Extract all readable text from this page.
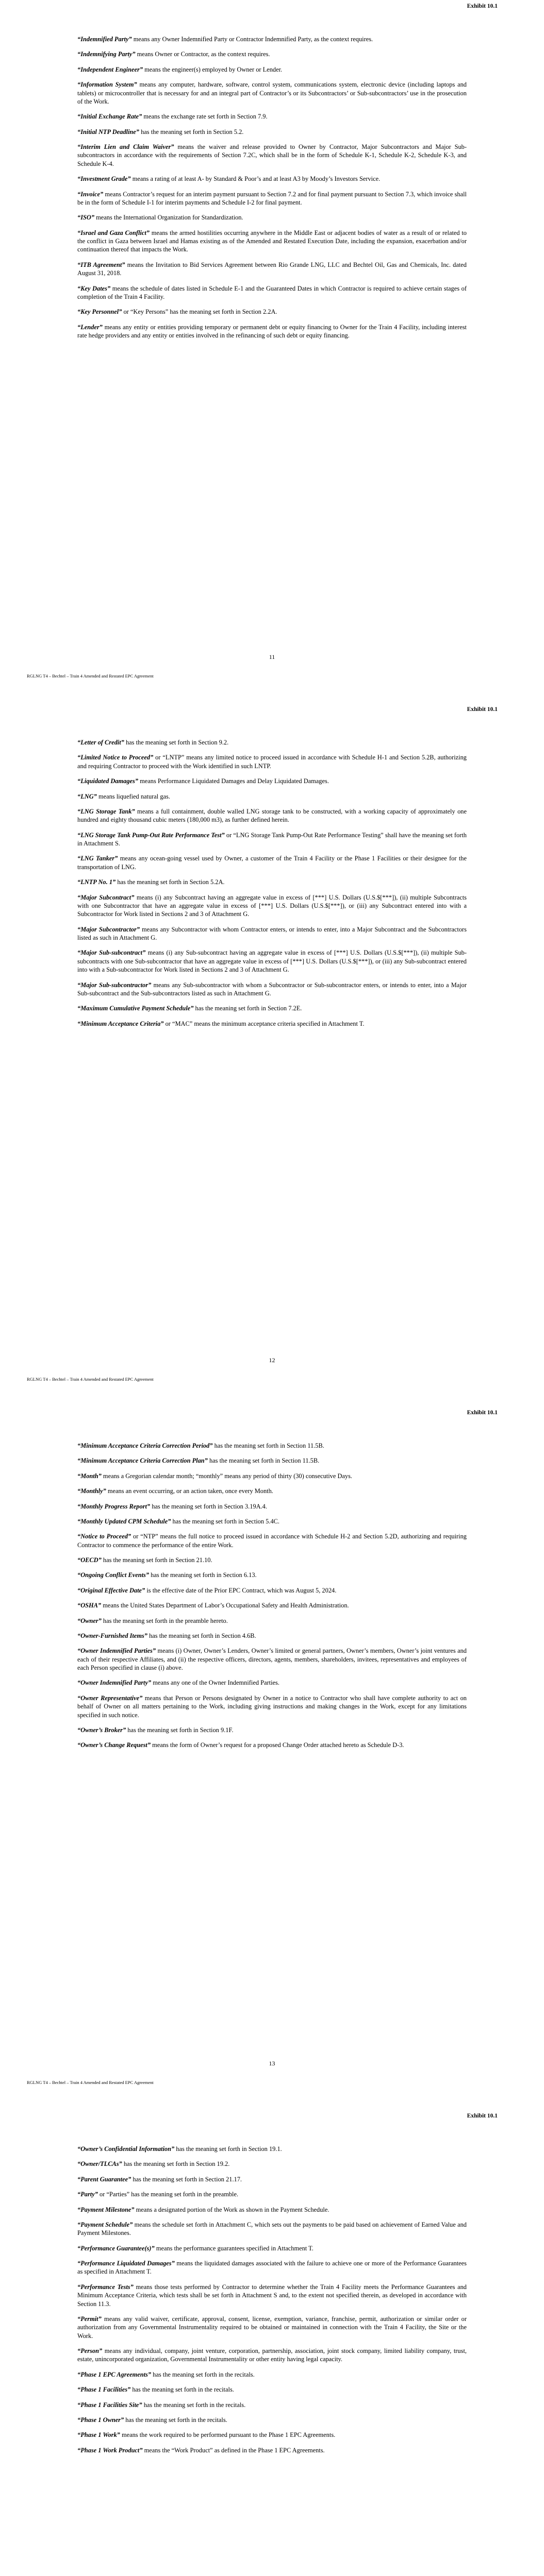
Exhibit 10.1

“Indemnified Party” means any Owner Indemnified Party or Contractor Indemnified Party, as the context requires.

“Indemnifying Party” means Owner or Contractor, as the context requires.

“Independent Engineer” means the engineer(s) employed by Owner or Lender.

“Information System” means any computer, hardware, software, control system, communications system, electronic device (including laptops and tablets) or microcontroller that is necessary for and an integral part of Contractor’s or its Subcontractors’ or Sub-subcontractors’ use in the prosecution of the Work.

“Initial Exchange Rate” means the exchange rate set forth in Section 7.9.

“Initial NTP Deadline” has the meaning set forth in Section 5.2.

“Interim Lien and Claim Waiver” means the waiver and release provided to Owner by Contractor, Major Subcontractors and Major Sub-subcontractors in accordance with the requirements of Section 7.2C, which shall be in the form of Schedule K-1, Schedule K-2, Schedule K-3, and Schedule K-4.

“Investment Grade” means a rating of at least A- by Standard & Poor’s and at least A3 by Moody’s Investors Service.

“Invoice” means Contractor’s request for an interim payment pursuant to Section 7.2 and for final payment pursuant to Section 7.3, which invoice shall be in the form of Schedule I-1 for interim payments and Schedule I-2 for final payment.

“ISO” means the International Organization for Standardization.

“Israel and Gaza Conflict” means the armed hostilities occurring anywhere in the Middle East or adjacent bodies of water as a result of or related to the conflict in Gaza between Israel and Hamas existing as of the Amended and Restated Execution Date, including the expansion, exacerbation and/or continuation thereof that impacts the Work.

“ITB Agreement” means the Invitation to Bid Services Agreement between Rio Grande LNG, LLC and Bechtel Oil, Gas and Chemicals, Inc. dated August 31, 2018.

“Key Dates” means the schedule of dates listed in Schedule E-1 and the Guaranteed Dates in which Contractor is required to achieve certain stages of completion of the Train 4 Facility.

“Key Personnel” or “Key Persons” has the meaning set forth in Section 2.2A.

“Lender” means any entity or entities providing temporary or permanent debt or equity financing to Owner for the Train 4 Facility, including interest rate hedge providers and any entity or entities involved in the refinancing of such debt or equity financing.

11
RGLNG T4 – Bechtel – Train 4 Amended and Restated EPC Agreement
Exhibit 10.1

“Letter of Credit” has the meaning set forth in Section 9.2.

“Limited Notice to Proceed” or “LNTP” means any limited notice to proceed issued in accordance with Schedule H-1 and Section 5.2B, authorizing and requiring Contractor to proceed with the Work identified in such LNTP.

“Liquidated Damages” means Performance Liquidated Damages and Delay Liquidated Damages.

“LNG” means liquefied natural gas.

“LNG Storage Tank” means a full containment, double walled LNG storage tank to be constructed, with a working capacity of approximately one hundred and eighty thousand cubic meters (180,000 m3), as further defined herein.

“LNG Storage Tank Pump-Out Rate Performance Test” or “LNG Storage Tank Pump-Out Rate Performance Testing” shall have the meaning set forth in Attachment S.

“LNG Tanker” means any ocean-going vessel used by Owner, a customer of the Train 4 Facility or the Phase 1 Facilities or their designee for the transportation of LNG.

“LNTP No. 1” has the meaning set forth in Section 5.2A.

“Major Subcontract” means (i) any Subcontract having an aggregate value in excess of [***] U.S. Dollars (U.S.$[***]), (ii) multiple Subcontracts with one Subcontractor that have an aggregate value in excess of [***] U.S. Dollars (U.S.$[***]), or (iii) any Subcontract entered into with a Subcontractor for Work listed in Sections 2 and 3 of Attachment G.

“Major Subcontractor” means any Subcontractor with whom Contractor enters, or intends to enter, into a Major Subcontract and the Subcontractors listed as such in Attachment G.

“Major Sub-subcontract” means (i) any Sub-subcontract having an aggregate value in excess of [***] U.S. Dollars (U.S.$[***]), (ii) multiple Sub-subcontracts with one Sub-subcontractor that have an aggregate value in excess of [***] U.S. Dollars (U.S.$[***]), or (iii) any Sub-subcontract entered into with a Sub-subcontractor for Work listed in Sections 2 and 3 of Attachment G.

“Major Sub-subcontractor” means any Sub-subcontractor with whom a Subcontractor or Sub-subcontractor enters, or intends to enter, into a Major Sub-subcontract and the Sub-subcontractors listed as such in Attachment G.

“Maximum Cumulative Payment Schedule” has the meaning set forth in Section 7.2E.

“Minimum Acceptance Criteria” or “MAC” means the minimum acceptance criteria specified in Attachment T.

12
RGLNG T4 – Bechtel – Train 4 Amended and Restated EPC Agreement
Exhibit 10.1

“Minimum Acceptance Criteria Correction Period” has the meaning set forth in Section 11.5B.

“Minimum Acceptance Criteria Correction Plan” has the meaning set forth in Section 11.5B.

“Month” means a Gregorian calendar month; “monthly” means any period of thirty (30) consecutive Days.

“Monthly” means an event occurring, or an action taken, once every Month.

“Monthly Progress Report” has the meaning set forth in Section 3.19A.4.

“Monthly Updated CPM Schedule” has the meaning set forth in Section 5.4C.

“Notice to Proceed” or “NTP” means the full notice to proceed issued in accordance with Schedule H-2 and Section 5.2D, authorizing and requiring Contractor to commence the performance of the entire Work.

“OECD” has the meaning set forth in Section 21.10.

“Ongoing Conflict Events” has the meaning set forth in Section 6.13.

“Original Effective Date” is the effective date of the Prior EPC Contract, which was August 5, 2024.

“OSHA” means the United States Department of Labor’s Occupational Safety and Health Administration.

“Owner” has the meaning set forth in the preamble hereto.

“Owner-Furnished Items” has the meaning set forth in Section 4.6B.

“Owner Indemnified Parties” means (i) Owner, Owner’s Lenders, Owner’s limited or general partners, Owner’s members, Owner’s joint ventures and each of their respective Affiliates, and (ii) the respective officers, directors, agents, members, shareholders, invitees, representatives and employees of each Person specified in clause (i) above.

“Owner Indemnified Party” means any one of the Owner Indemnified Parties.

“Owner Representative” means that Person or Persons designated by Owner in a notice to Contractor who shall have complete authority to act on behalf of Owner on all matters pertaining to the Work, including giving instructions and making changes in the Work, except for any limitations specified in such notice.

“Owner’s Broker” has the meaning set forth in Section 9.1F.

“Owner’s Change Request” means the form of Owner’s request for a proposed Change Order attached hereto as Schedule D-3.

13
RGLNG T4 – Bechtel – Train 4 Amended and Restated EPC Agreement
Exhibit 10.1

“Owner’s Confidential Information” has the meaning set forth in Section 19.1.

“Owner/TLCAs” has the meaning set forth in Section 19.2.

“Parent Guarantee” has the meaning set forth in Section 21.17.

“Party” or “Parties” has the meaning set forth in the preamble.

“Payment Milestone” means a designated portion of the Work as shown in the Payment Schedule.

“Payment Schedule” means the schedule set forth in Attachment C, which sets out the payments to be paid based on achievement of Earned Value and Payment Milestones.

“Performance Guarantee(s)” means the performance guarantees specified in Attachment T.

“Performance Liquidated Damages” means the liquidated damages associated with the failure to achieve one or more of the Performance Guarantees as specified in Attachment T.

“Performance Tests” means those tests performed by Contractor to determine whether the Train 4 Facility meets the Performance Guarantees and Minimum Acceptance Criteria, which tests shall be set forth in Attachment S and, to the extent not specified therein, as developed in accordance with Section 11.3.

“Permit” means any valid waiver, certificate, approval, consent, license, exemption, variance, franchise, permit, authorization or similar order or authorization from any Governmental Instrumentality required to be obtained or maintained in connection with the Train 4 Facility, the Site or the Work.

“Person” means any individual, company, joint venture, corporation, partnership, association, joint stock company, limited liability company, trust, estate, unincorporated organization, Governmental Instrumentality or other entity having legal capacity.

“Phase 1 EPC Agreements” has the meaning set forth in the recitals.

“Phase 1 Facilities” has the meaning set forth in the recitals.

“Phase 1 Facilities Site” has the meaning set forth in the recitals.

“Phase 1 Owner” has the meaning set forth in the recitals.

“Phase 1 Work” means the work required to be performed pursuant to the Phase 1 EPC Agreements.

“Phase 1 Work Product” means the “Work Product” as defined in the Phase 1 EPC Agreements.
